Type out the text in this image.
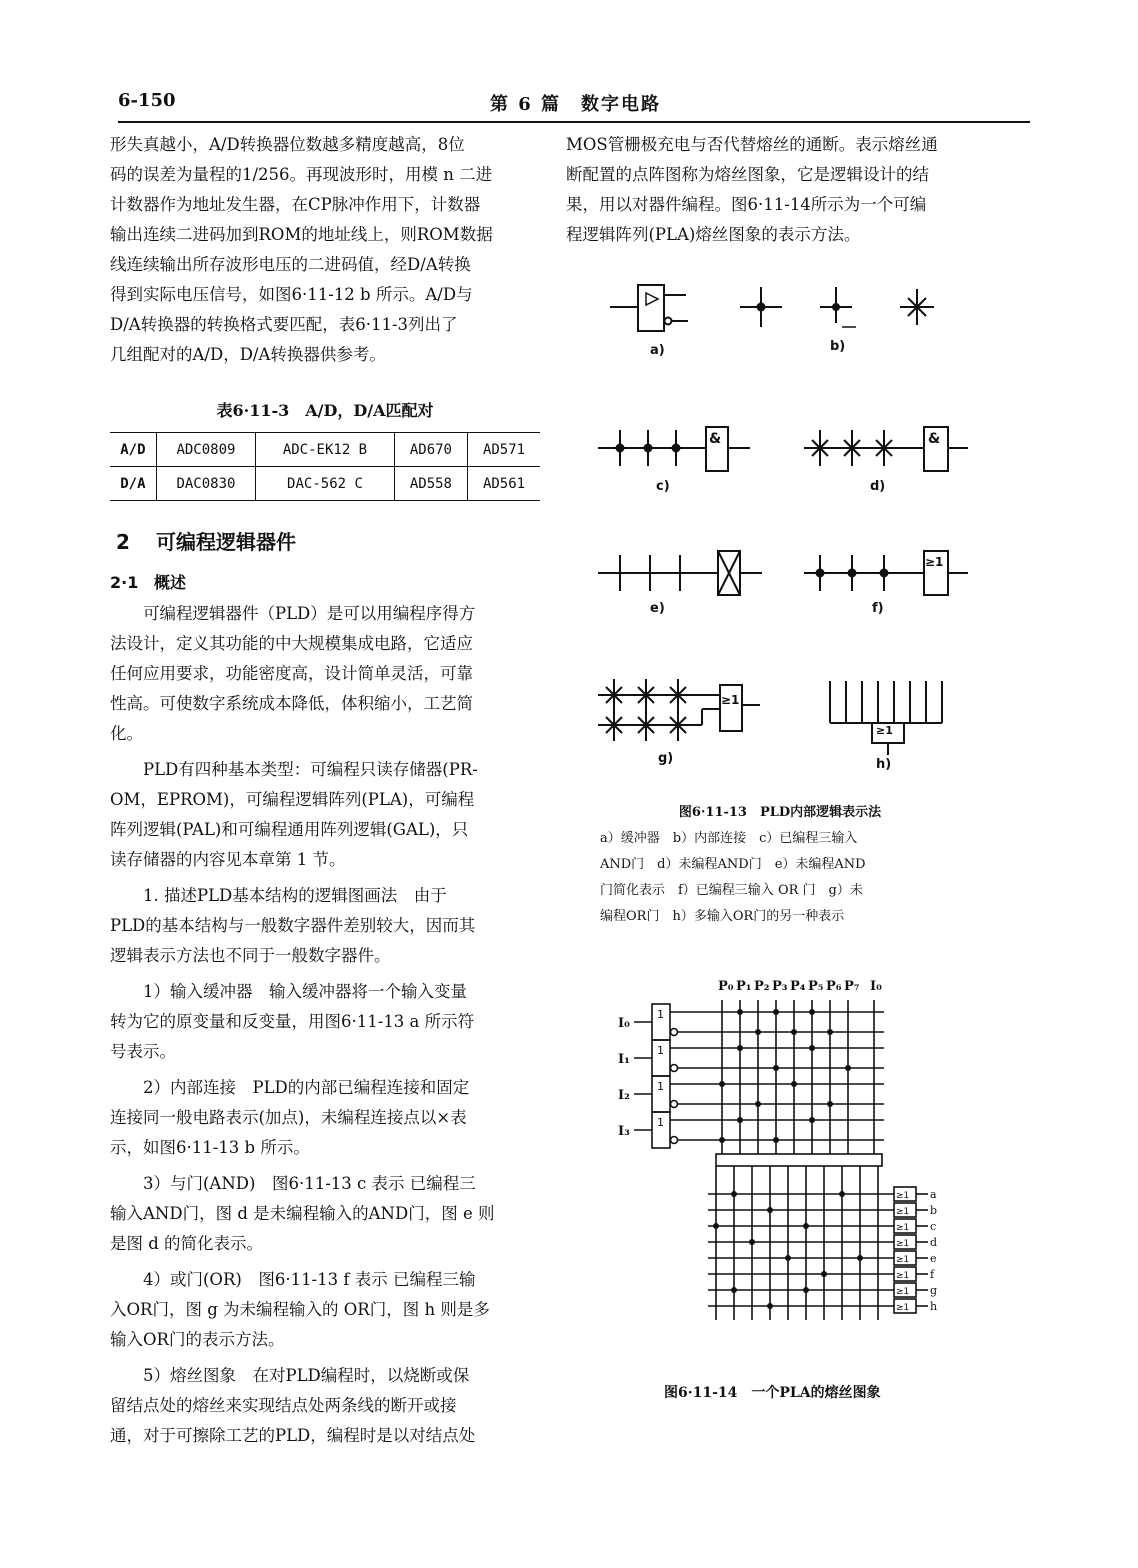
6-150	第 6 篇　数字电路

形失真越小，A/D转换器位数越多精度越高，8位
码的误差为量程的1/256。再现波形时，用模 n 二进
计数器作为地址发生器，在CP脉冲作用下，计数器
输出连续二进码加到ROM的地址线上，则ROM数据
线连续输出所存波形电压的二进码值，经D/A转换
得到实际电压信号，如图6·11-12 b 所示。A/D与
D/A转换器的转换格式要匹配，表6·11-3列出了
几组配对的A/D，D/A转换器供参考。

表6·11-3　A/D，D/A匹配对
A/D	ADC0809	ADC-EK12 B	AD670	AD571
D/A	DAC0830	DAC-562 C	AD558	AD561
2 可编程逻辑器件
2·1 概述

可编程逻辑器件（PLD）是可以用编程序得方
法设计，定义其功能的中大规模集成电路，它适应
任何应用要求，功能密度高，设计简单灵活，可靠
性高。可使数字系统成本降低，体积缩小，工艺简
化。

PLD有四种基本类型：可编程只读存储器(PR-
OM，EPROM)，可编程逻辑阵列(PLA)，可编程
阵列逻辑(PAL)和可编程通用阵列逻辑(GAL)，只
读存储器的内容见本章第 1 节。

1. 描述PLD基本结构的逻辑图画法　由于
PLD的基本结构与一般数字器件差别较大，因而其
逻辑表示方法也不同于一般数字器件。

1）输入缓冲器　输入缓冲器将一个输入变量
转为它的原变量和反变量，用图6·11-13 a 所示符
号表示。

2）内部连接　PLD的内部已编程连接和固定
连接同一般电路表示(加点)，未编程连接点以×表
示，如图6·11-13 b 所示。

3）与门(AND)　图6·11-13 c 表示 已编程三
输入AND门，图 d 是未编程输入的AND门，图 e 则
是图 d 的简化表示。

4）或门(OR)　图6·11-13 f 表示 已编程三输
入OR门，图 g 为未编程输入的 OR门，图 h 则是多
输入OR门的表示方法。

5）熔丝图象　在对PLD编程时，以烧断或保
留结点处的熔丝来实现结点处两条线的断开或接
通，对于可擦除工艺的PLD，编程时是以对结点处

MOS管栅极充电与否代替熔丝的通断。表示熔丝通
断配置的点阵图称为熔丝图象，它是逻辑设计的结
果，用以对器件编程。图6·11-14所示为一个可编
程逻辑阵列(PLA)熔丝图象的表示方法。

a)	b)
c)	d)
e)	f)
g)	h)
&	&
≥1
≥1
≥1
图6·11-13　PLD内部逻辑表示法
a）缓冲器　b）内部连接　c）已编程三输入
AND门　d）未编程AND门　e）未编程AND
门简化表示　f）已编程三输入 OR 门　g）未
编程OR门　h）多输入OR门的另一种表示
P₀ P₁ P₂ P₃ P₄ P₅ P₆ P₇ I₀
I₀
1
I₁
1
I₂
1
I₃
1
a
≥1
b
≥1
c
≥1
d
≥1
e
≥1
f
≥1
g
≥1
h
≥1
图6·11-14　一个PLA的熔丝图象
